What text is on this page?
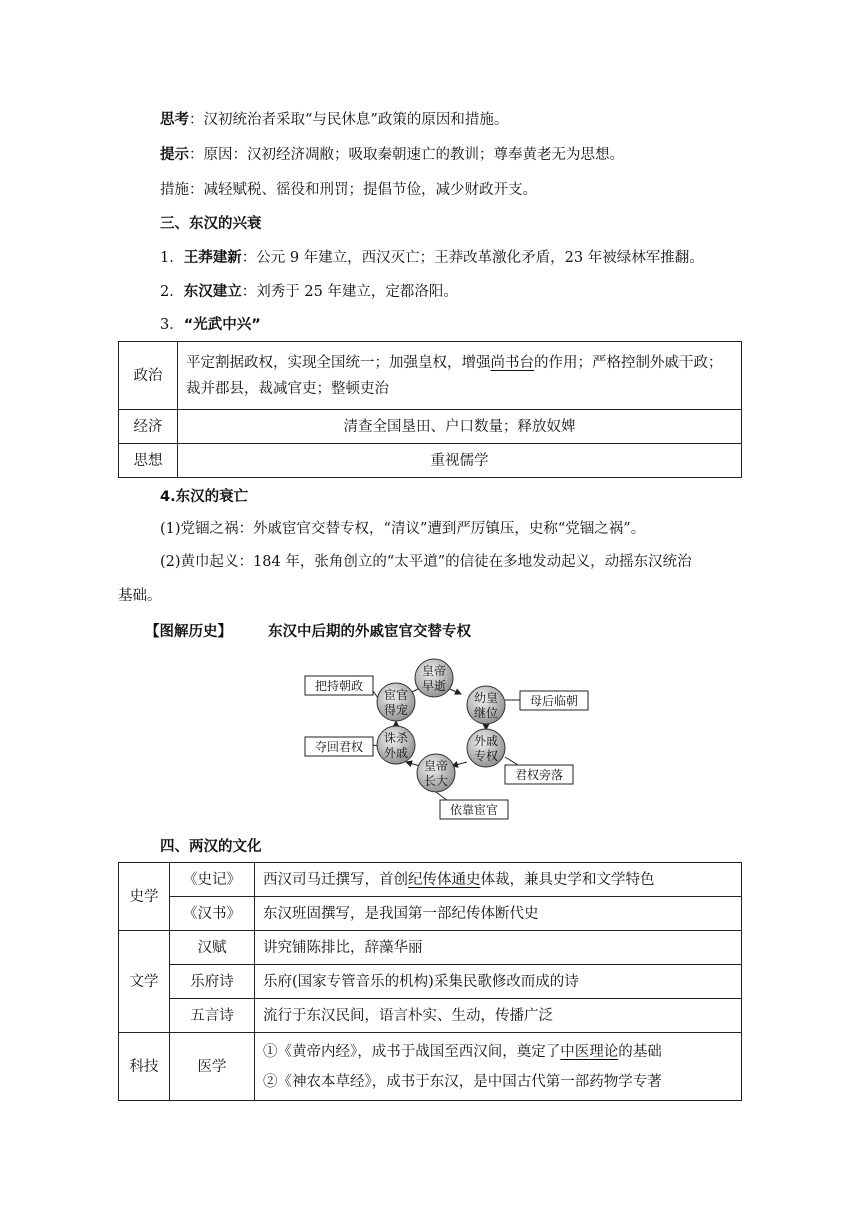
思考：汉初统治者采取“与民休息”政策的原因和措施。
提示：原因：汉初经济凋敝；吸取秦朝速亡的教训；尊奉黄老无为思想。
措施：减轻赋税、徭役和刑罚；提倡节俭，减少财政开支。
三、东汉的兴衰
1．王莽建新：公元 9 年建立，西汉灭亡；王莽改革激化矛盾，23 年被绿林军推翻。
2．东汉建立：刘秀于 25 年建立，定都洛阳。
3．“光武中兴”
政治	平定割据政权，实现全国统一；加强皇权，增强尚书台的作用；严格控制外戚干政；
裁并郡县，裁减官吏；整顿吏治
经济	清查全国垦田、户口数量；释放奴婢
思想	重视儒学
4.东汉的衰亡
(1)党锢之祸：外戚宦官交替专权，“清议”遭到严厉镇压，史称“党锢之祸”。
(2)黄巾起义：184 年，张角创立的“太平道”的信徒在多地发动起义，动摇东汉统治
基础。
【图解历史】 东汉中后期的外戚宦官交替专权
皇帝
早逝
幼皇
继位
外戚
专权
皇帝
长大
诛杀
外戚
宦官
得宠
把持朝政
母后临朝
夺回君权
君权旁落
依靠宦官
四、两汉的文化
史学	《史记》	西汉司马迁撰写，首创纪传体通史体裁，兼具史学和文学特色
	《汉书》	东汉班固撰写，是我国第一部纪传体断代史
文学	汉赋	讲究铺陈排比，辞藻华丽
	乐府诗	乐府(国家专管音乐的机构)采集民歌修改而成的诗
	五言诗	流行于东汉民间，语言朴实、生动，传播广泛
科技	医学	①《黄帝内经》，成书于战国至西汉间，奠定了中医理论的基础
②《神农本草经》，成书于东汉，是中国古代第一部药物学专著
